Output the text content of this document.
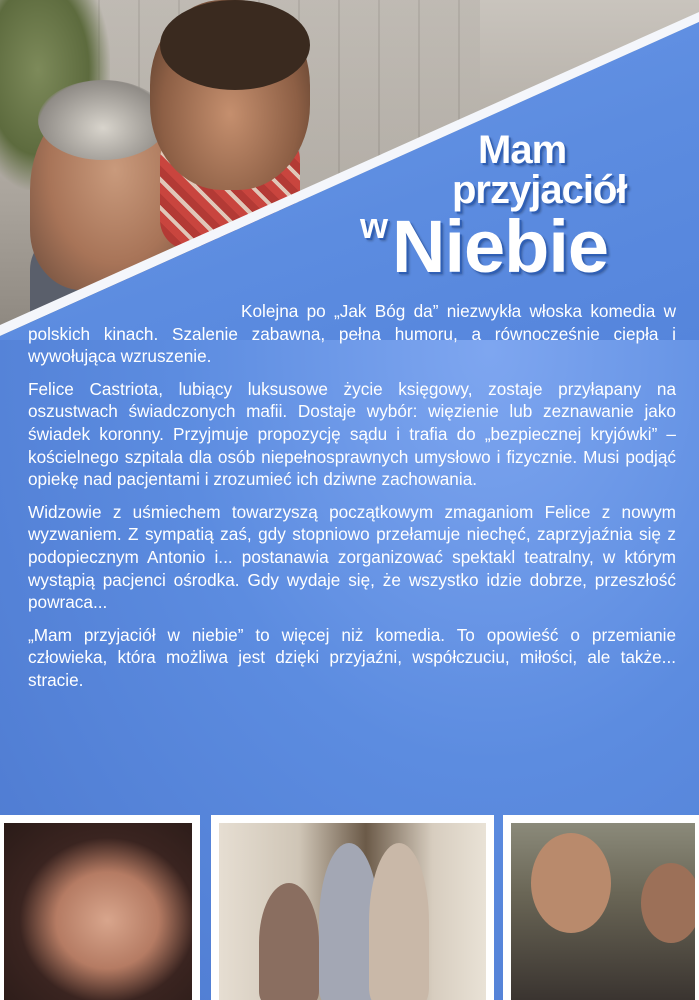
Mam
przyjaciół
w Niebie

Kolejna po „Jak Bóg da” niezwykła włoska komedia w polskich kinach. Szalenie zabawna, pełna humoru, a równocześnie ciepła i wywołująca wzruszenie.

Felice Castriota, lubiący luksusowe życie księgowy, zostaje przyłapany na oszustwach świadczonych mafii. Dostaje wybór: więzienie lub zeznawanie jako świadek koronny. Przyjmuje propozycję sądu i trafia do „bezpiecznej kryjówki” – kościelnego szpitala dla osób niepełnosprawnych umysłowo i fizycznie. Musi podjąć opiekę nad pacjentami i zrozumieć ich dziwne zachowania.

Widzowie z uśmiechem towarzyszą początkowym zmaganiom Felice z nowym wyzwaniem. Z sympatią zaś, gdy stopniowo przełamuje niechęć, zaprzyjaźnia się z podopiecznym Antonio i... postanawia zorganizować spektakl teatralny, w którym wystąpią pacjenci ośrodka. Gdy wydaje się, że wszystko idzie dobrze, przeszłość powraca...

„Mam przyjaciół w niebie” to więcej niż komedia. To opowieść o przemianie człowieka, która możliwa jest dzięki przyjaźni, współczuciu, miłości, ale także... stracie.
